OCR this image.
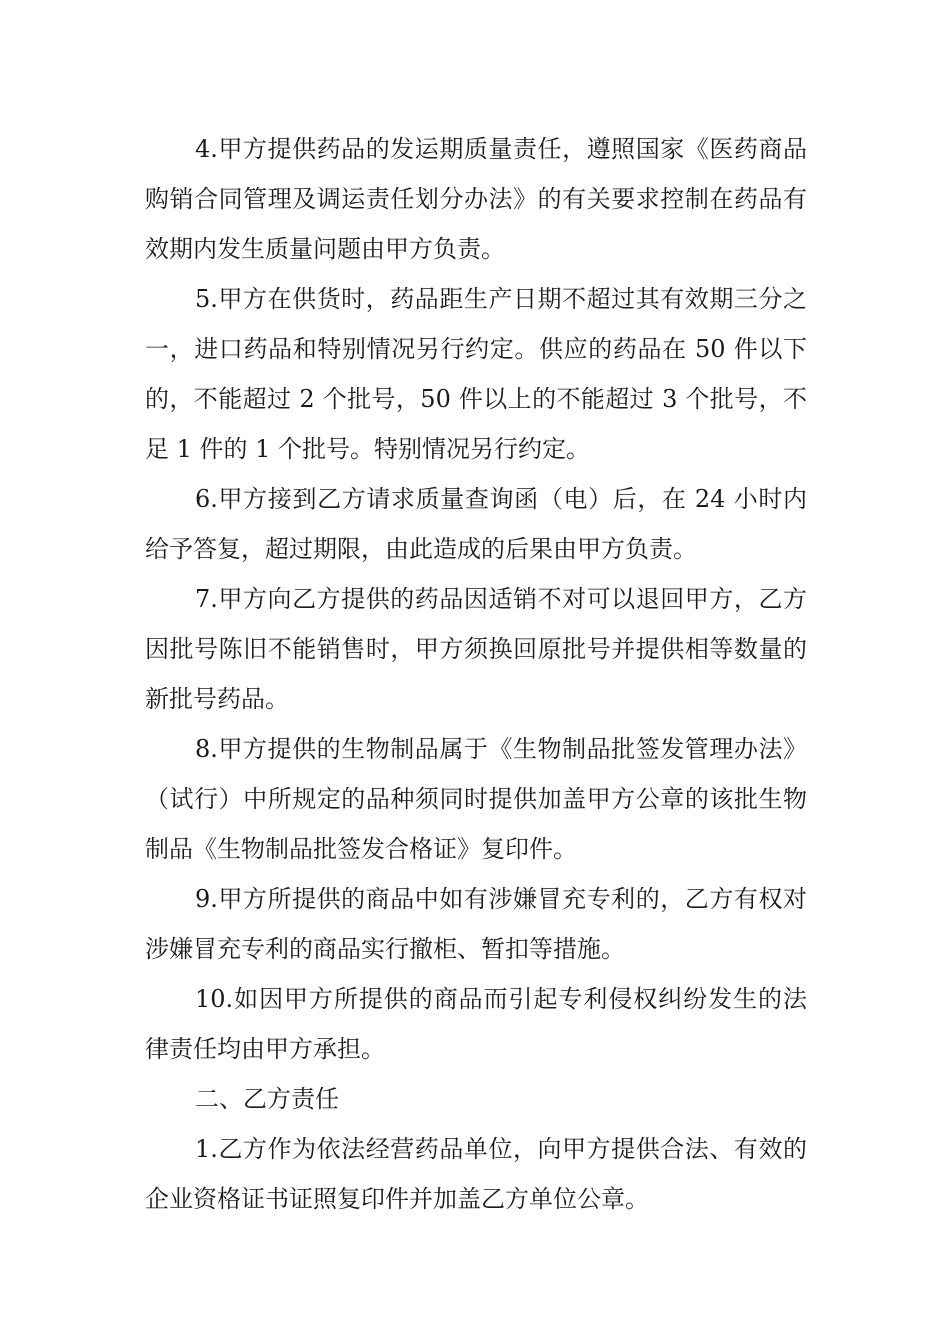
4.甲方提供药品的发运期质量责任，遵照国家《医药商品购销合同管理及调运责任划分办法》的有关要求控制在药品有效期内发生质量问题由甲方负责。

5.甲方在供货时，药品距生产日期不超过其有效期三分之一，进口药品和特别情况另行约定。供应的药品在 50 件以下的，不能超过 2 个批号，50 件以上的不能超过 3 个批号，不足 1 件的 1 个批号。特别情况另行约定。

6.甲方接到乙方请求质量查询函（电）后，在 24 小时内给予答复，超过期限，由此造成的后果由甲方负责。

7.甲方向乙方提供的药品因适销不对可以退回甲方，乙方因批号陈旧不能销售时，甲方须换回原批号并提供相等数量的新批号药品。

8.甲方提供的生物制品属于《生物制品批签发管理办法》（试行）中所规定的品种须同时提供加盖甲方公章的该批生物制品《生物制品批签发合格证》复印件。

9.甲方所提供的商品中如有涉嫌冒充专利的，乙方有权对涉嫌冒充专利的商品实行撤柜、暂扣等措施。

10.如因甲方所提供的商品而引起专利侵权纠纷发生的法律责任均由甲方承担。

二、乙方责任

1.乙方作为依法经营药品单位，向甲方提供合法、有效的企业资格证书证照复印件并加盖乙方单位公章。
